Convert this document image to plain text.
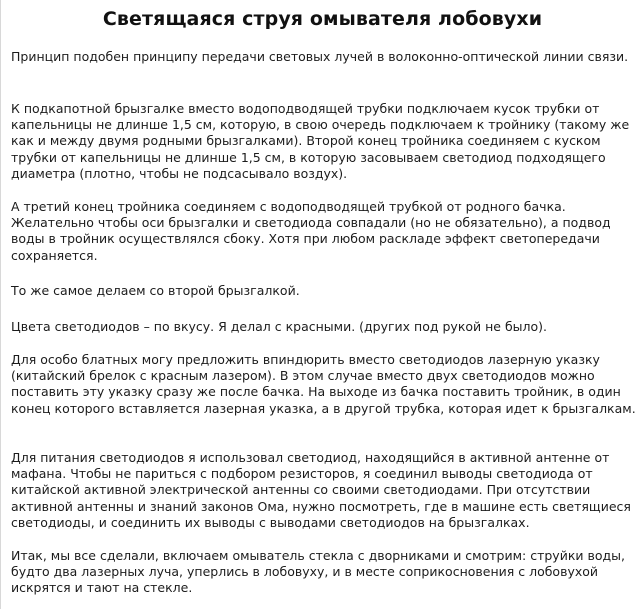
Светящаяся струя омывателя лобовухи

Принцип подобен принципу передачи световых лучей в волоконно-оптической линии связи.

К подкапотной брызгалке вместо водоподводящей трубки подключаем кусок трубки от капельницы не длинше 1,5 см, которую, в свою очередь подключаем к тройнику (такому же как и между двумя родными брызгалками). Второй конец тройника соединяем с куском трубки от капельницы не длинше 1,5 см, в которую засовываем светодиод подходящего диаметра (плотно, чтобы не подсасывало воздух).

А третий конец тройника соединяем с водоподводящей трубкой от родного бачка. Желательно чтобы оси брызгалки и светодиода совпадали (но не обязательно), а подвод воды в тройник осуществлялся сбоку. Хотя при любом раскладе эффект светопередачи сохраняется.

То же самое делаем со второй брызгалкой.

Цвета светодиодов – по вкусу. Я делал с красными. (других под рукой не было).

Для особо блатных могу предложить впиндюрить вместо светодиодов лазерную указку (китайский брелок с красным лазером). В этом случае вместо двух светодиодов можно поставить эту указку сразу же после бачка. На выходе из бачка поставить тройник, в один конец которого вставляется лазерная указка, а в другой трубка, которая идет к брызгалкам.

Для питания светодиодов я использовал светодиод, находящийся в активной антенне от мафана. Чтобы не париться с подбором резисторов, я соединил выводы светодиода от китайской активной электрической антенны со своими светодиодами. При отсутствии активной антенны и знаний законов Ома, нужно посмотреть, где в машине есть светящиеся светодиоды, и соединить их выводы с выводами светодиодов на брызгалках.

Итак, мы все сделали, включаем омыватель стекла с дворниками и смотрим: струйки воды, будто два лазерных луча, уперлись в лобовуху, и в месте соприкосновения с лобовухой искрятся и тают на стекле.
